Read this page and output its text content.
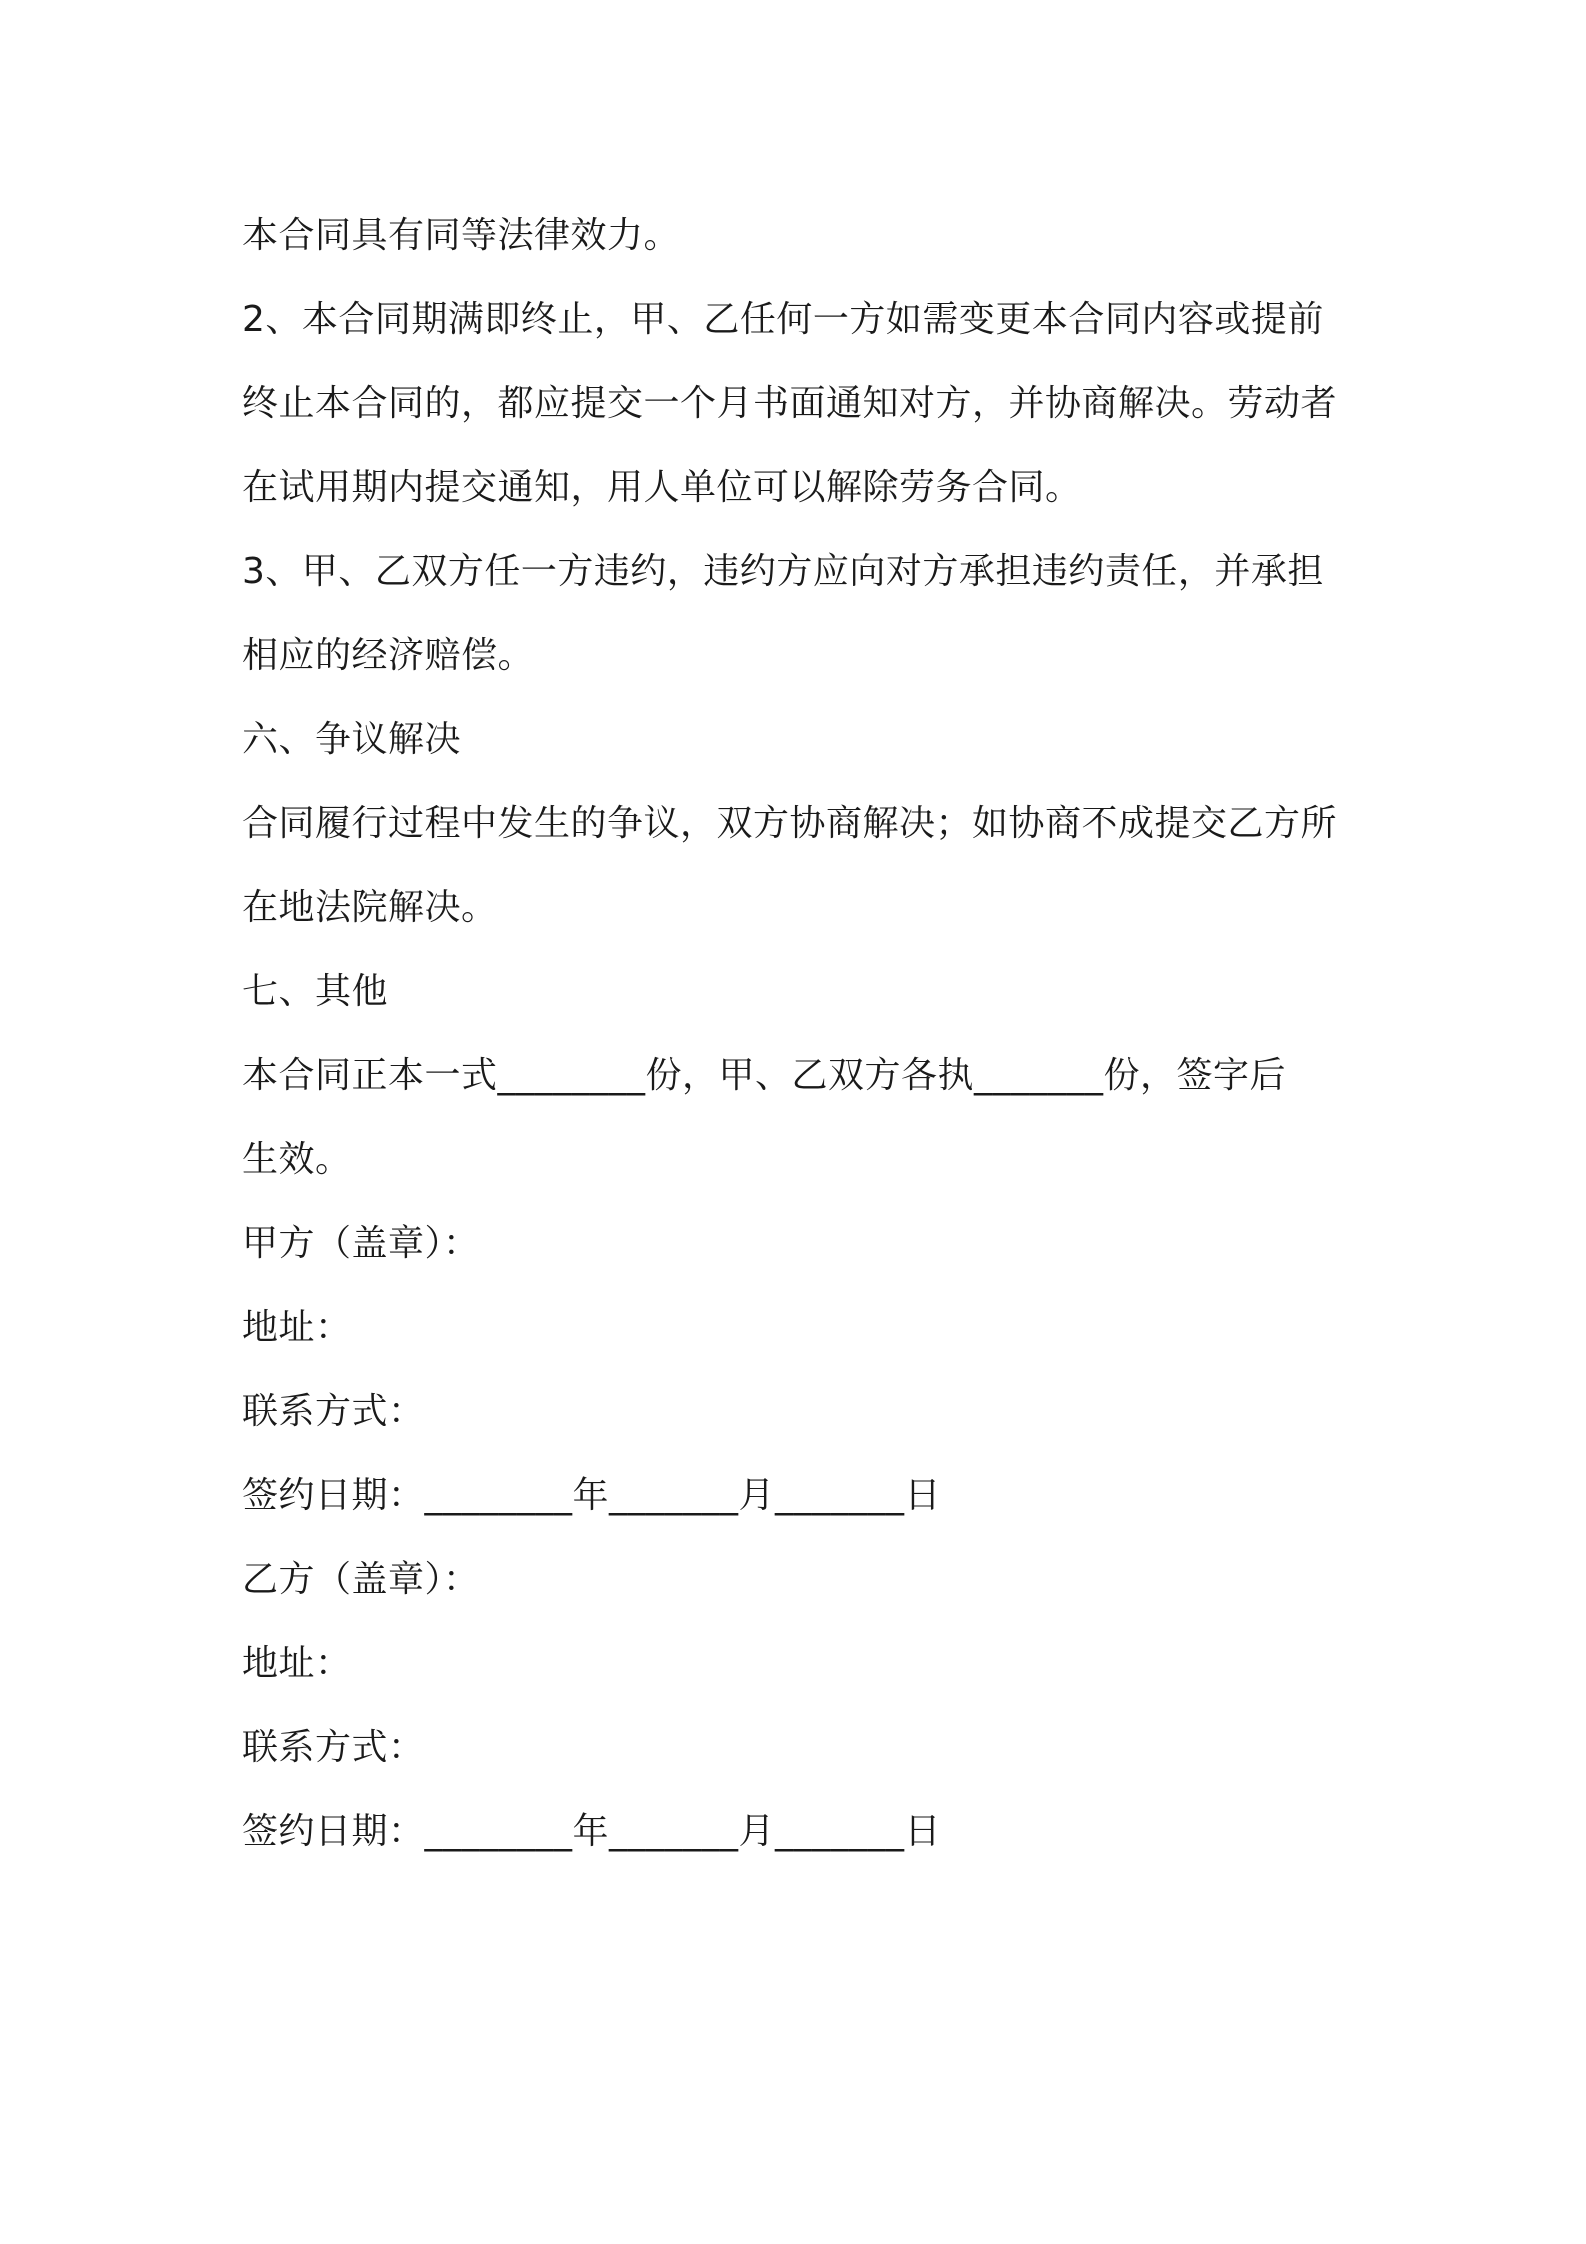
本合同具有同等法律效力。
2、本合同期满即终止，甲、乙任何一方如需变更本合同内容或提前
终止本合同的，都应提交一个月书面通知对方，并协商解决。劳动者
在试用期内提交通知，用人单位可以解除劳务合同。
3、甲、乙双方任一方违约，违约方应向对方承担违约责任，并承担
相应的经济赔偿。
六、争议解决
合同履行过程中发生的争议，双方协商解决；如协商不成提交乙方所
在地法院解决。
七、其他
本合同正本一式________份，甲、乙双方各执_______份，签字后
生效。
甲方（盖章）：
地址：
联系方式：
签约日期：________年_______月_______日
乙方（盖章）：
地址：
联系方式：
签约日期：________年_______月_______日
